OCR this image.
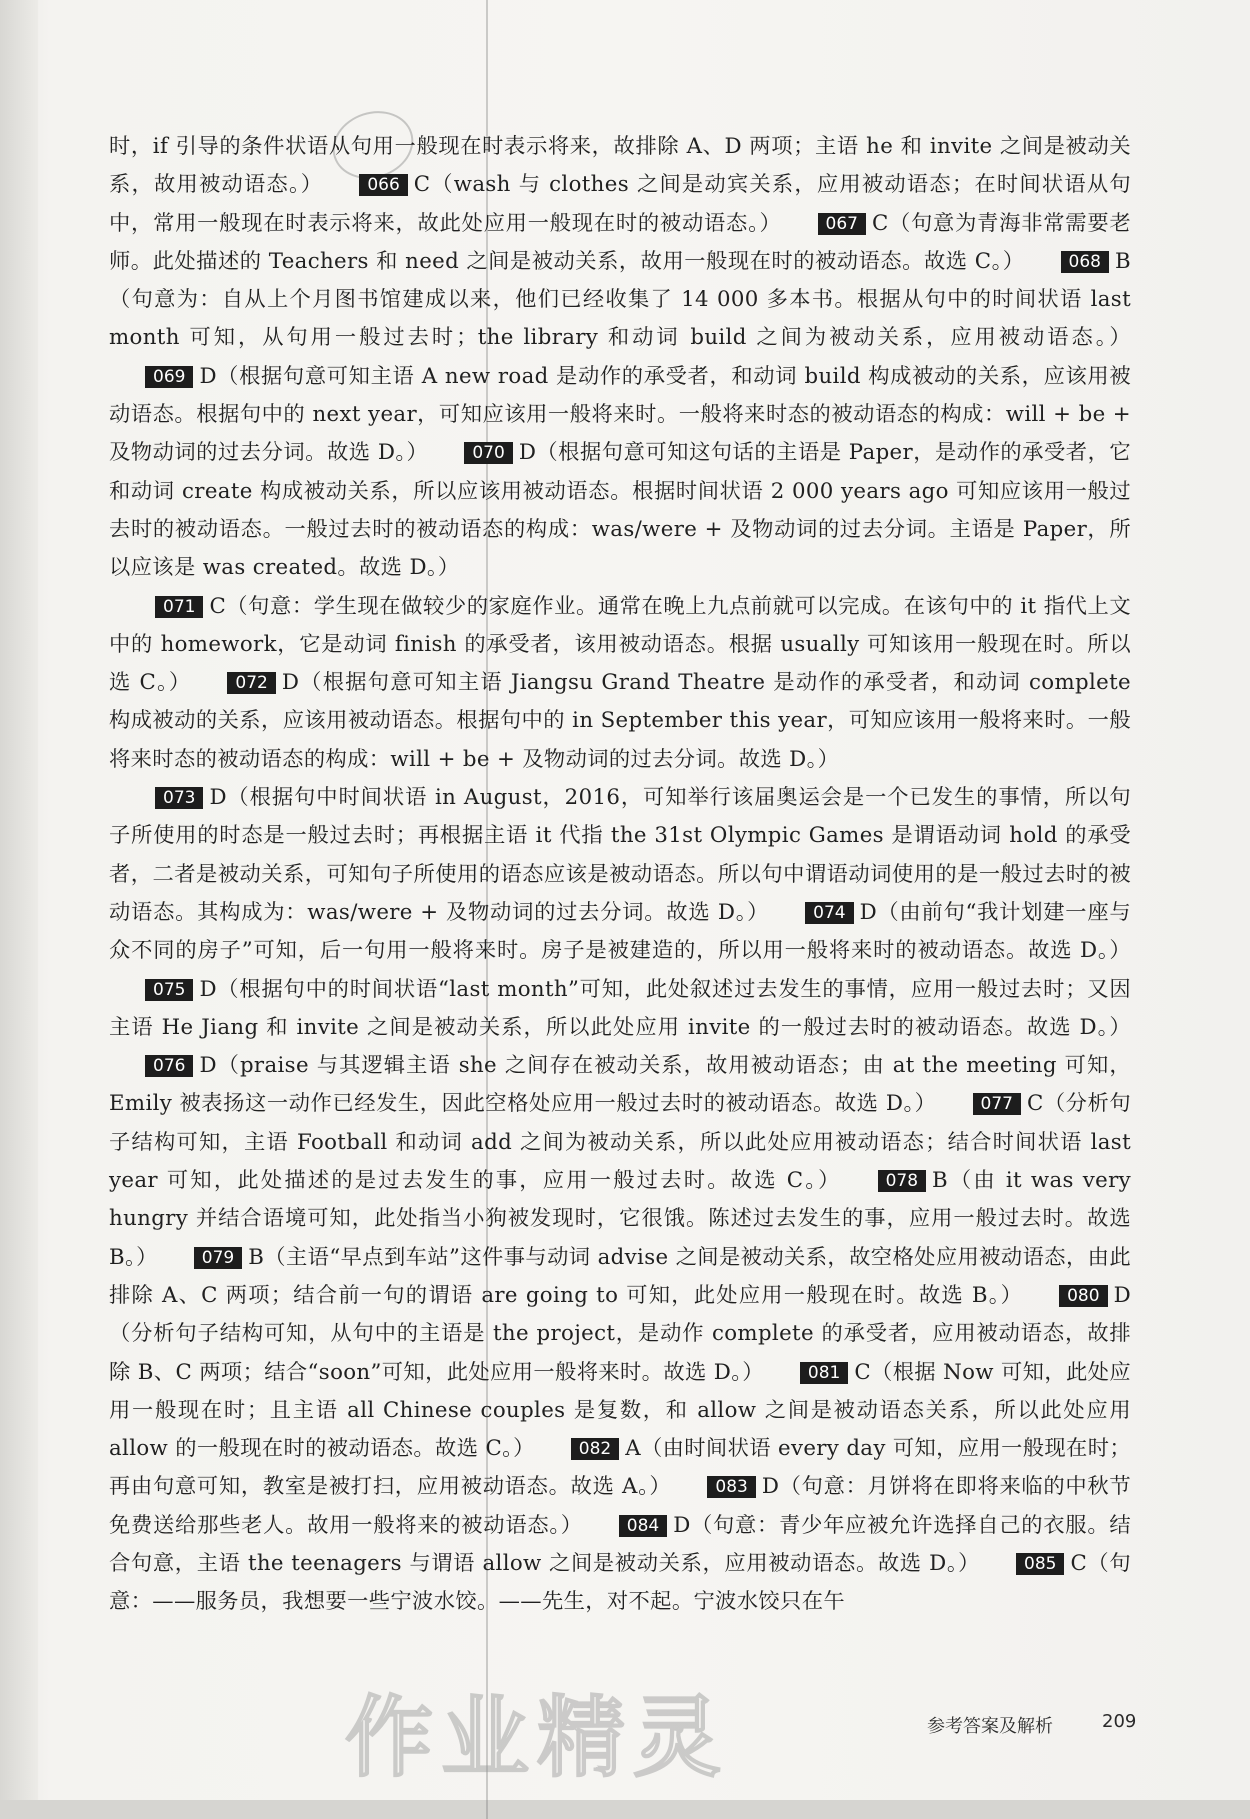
时，if 引导的条件状语从句用一般现在时表示将来，故排除 A、D 两项；主语 he 和 invite 之间是被动关系，故用被动语态。）	066 C（wash 与 clothes 之间是动宾关系，应用被动语态；在时间状语从句中，常用一般现在时表示将来，故此处应用一般现在时的被动语态。）	067 C（句意为青海非常需要老师。此处描述的 Teachers 和 need 之间是被动关系，故用一般现在时的被动语态。故选 C。）	068 B（句意为：自从上个月图书馆建成以来，他们已经收集了 14 000 多本书。根据从句中的时间状语 last month 可知，从句用一般过去时；the library 和动词 build 之间为被动关系，应用被动语态。）069 D（根据句意可知主语 A new road 是动作的承受者，和动词 build 构成被动的关系，应该用被动语态。根据句中的 next year，可知应该用一般将来时。一般将来时态的被动语态的构成：will + be + 及物动词的过去分词。故选 D。）	070 D（根据句意可知这句话的主语是 Paper，是动作的承受者，它和动词 create 构成被动关系，所以应该用被动语态。根据时间状语 2 000 years ago 可知应该用一般过去时的被动语态。一般过去时的被动语态的构成：was/were + 及物动词的过去分词。主语是 Paper，所以应该是 was created。故选 D。）

071 C（句意：学生现在做较少的家庭作业。通常在晚上九点前就可以完成。在该句中的 it 指代上文中的 homework，它是动词 finish 的承受者，该用被动语态。根据 usually 可知该用一般现在时。所以选 C。）	072 D（根据句意可知主语 Jiangsu Grand Theatre 是动作的承受者，和动词 complete 构成被动的关系，应该用被动语态。根据句中的 in September this year，可知应该用一般将来时。一般将来时态的被动语态的构成：will + be + 及物动词的过去分词。故选 D。）

073 D（根据句中时间状语 in August，2016，可知举行该届奥运会是一个已发生的事情，所以句子所使用的时态是一般过去时；再根据主语 it 代指 the 31st Olympic Games 是谓语动词 hold 的承受者，二者是被动关系，可知句子所使用的语态应该是被动语态。所以句中谓语动词使用的是一般过去时的被动语态。其构成为：was/were + 及物动词的过去分词。故选 D。）	074 D（由前句“我计划建一座与众不同的房子”可知，后一句用一般将来时。房子是被建造的，所以用一般将来时的被动语态。故选 D。）075 D（根据句中的时间状语“last month”可知，此处叙述过去发生的事情，应用一般过去时；又因主语 He Jiang 和 invite 之间是被动关系，所以此处应用 invite 的一般过去时的被动语态。故选 D。）076 D（praise 与其逻辑主语 she 之间存在被动关系，故用被动语态；由 at the meeting 可知，Emily 被表扬这一动作已经发生，因此空格处应用一般过去时的被动语态。故选 D。）	077 C（分析句子结构可知，主语 Football 和动词 add 之间为被动关系，所以此处应用被动语态；结合时间状语 last year 可知，此处描述的是过去发生的事，应用一般过去时。故选 C。）	078 B（由 it was very hungry 并结合语境可知，此处指当小狗被发现时，它很饿。陈述过去发生的事，应用一般过去时。故选 B。）	079 B（主语“早点到车站”这件事与动词 advise 之间是被动关系，故空格处应用被动语态，由此排除 A、C 两项；结合前一句的谓语 are going to 可知，此处应用一般现在时。故选 B。）	080 D（分析句子结构可知，从句中的主语是 the project，是动作 complete 的承受者，应用被动语态，故排除 B、C 两项；结合“soon”可知，此处应用一般将来时。故选 D。）	081 C（根据 Now 可知，此处应用一般现在时；且主语 all Chinese couples 是复数，和 allow 之间是被动语态关系，所以此处应用 allow 的一般现在时的被动语态。故选 C。）	082 A（由时间状语 every day 可知，应用一般现在时；再由句意可知，教室是被打扫，应用被动语态。故选 A。）	083 D（句意：月饼将在即将来临的中秋节免费送给那些老人。故用一般将来的被动语态。）	084 D（句意：青少年应被允许选择自己的衣服。结合句意，主语 the teenagers 与谓语 allow 之间是被动关系，应用被动语态。故选 D。）	085 C（句意：——服务员，我想要一些宁波水饺。——先生，对不起。宁波水饺只在午

作业精灵	参考答案及解析	209
